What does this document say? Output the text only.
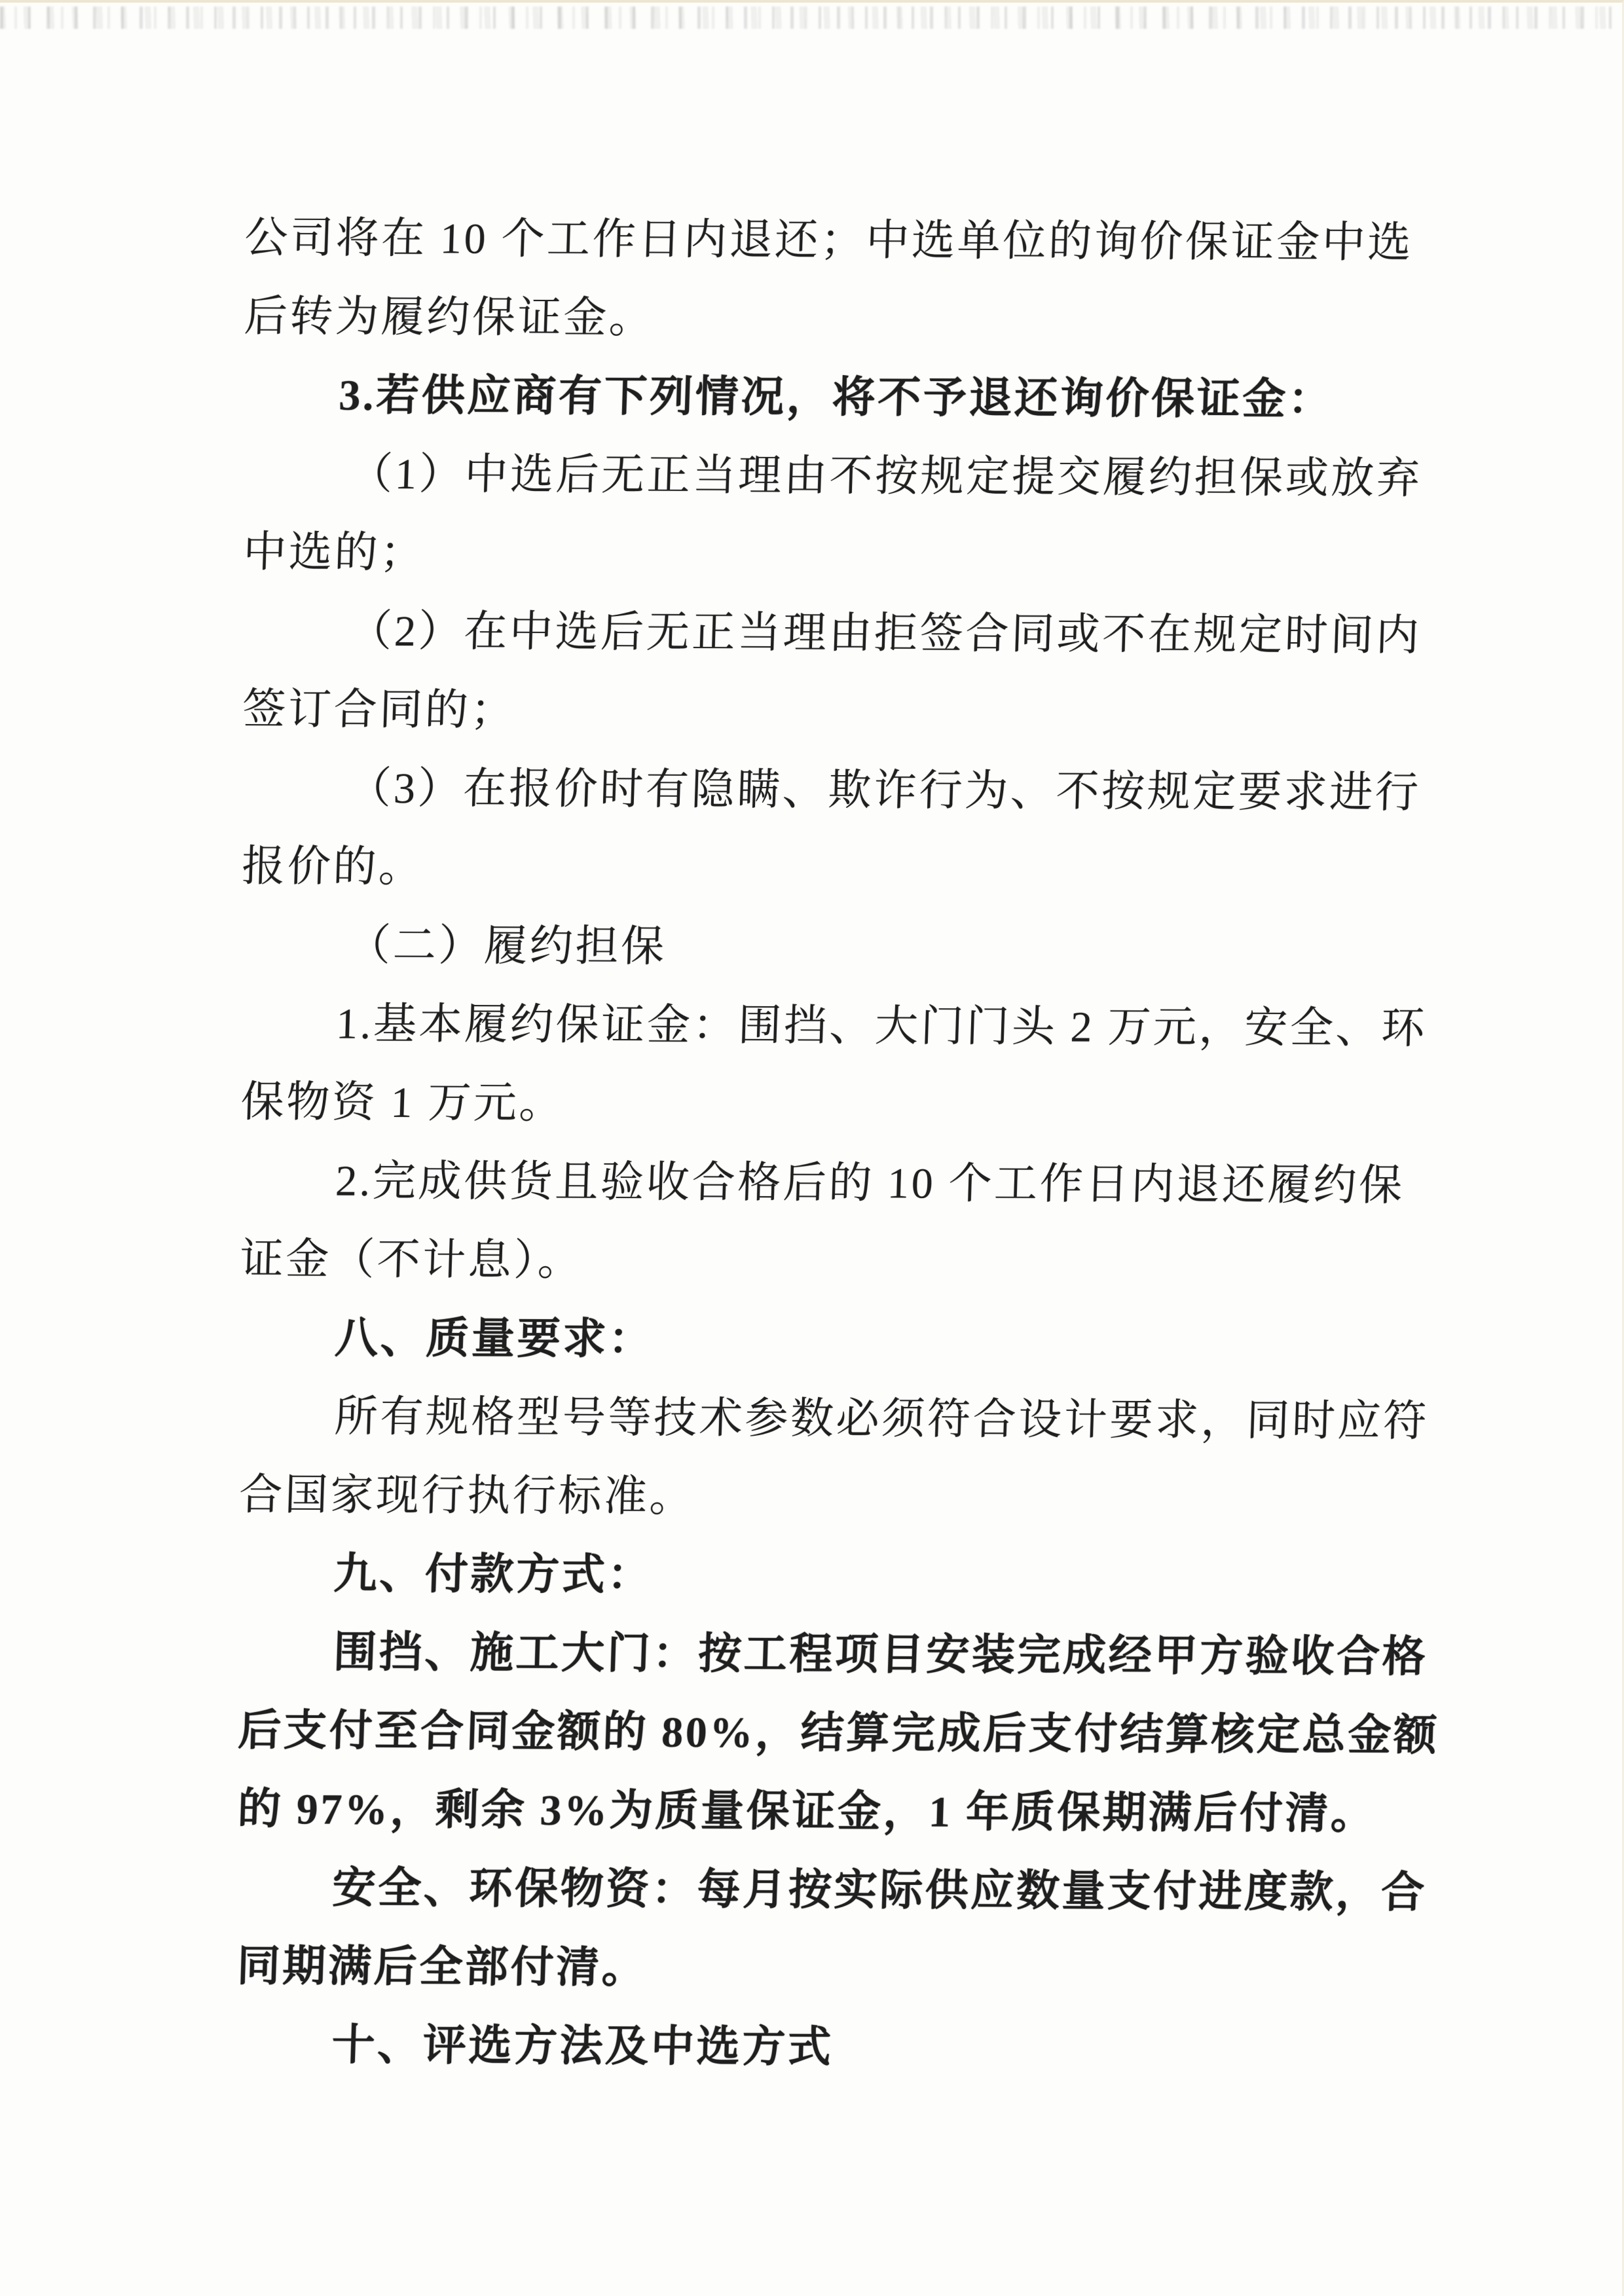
公司将在 10 个工作日内退还；中选单位的询价保证金中选

后转为履约保证金。

3.若供应商有下列情况，将不予退还询价保证金：

（1）中选后无正当理由不按规定提交履约担保或放弃

中选的；

（2）在中选后无正当理由拒签合同或不在规定时间内

签订合同的；

（3）在报价时有隐瞒、欺诈行为、不按规定要求进行

报价的。

（二）履约担保

1.基本履约保证金：围挡、大门门头 2 万元，安全、环

保物资 1 万元。

2.完成供货且验收合格后的 10 个工作日内退还履约保

证金（不计息）。

八、质量要求：

所有规格型号等技术参数必须符合设计要求，同时应符

合国家现行执行标准。

九、付款方式：

围挡、施工大门：按工程项目安装完成经甲方验收合格

后支付至合同金额的 80%，结算完成后支付结算核定总金额

的 97%，剩余 3%为质量保证金，1 年质保期满后付清。

安全、环保物资：每月按实际供应数量支付进度款，合

同期满后全部付清。

十、评选方法及中选方式
